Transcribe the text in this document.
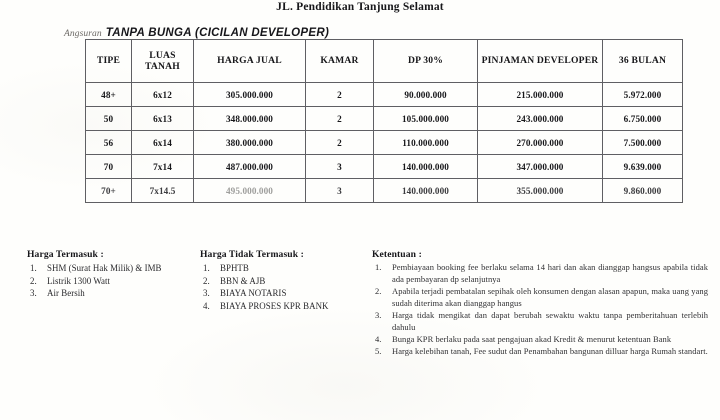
JL. Pendidikan Tanjung Selamat
Angsuran TANPA BUNGA (CICILAN DEVELOPER)
TIPE	LUAS TANAH	HARGA JUAL	KAMAR	DP 30%	PINJAMAN DEVELOPER	36 BULAN
48+	6x12	305.000.000	2	90.000.000	215.000.000	5.972.000
50	6x13	348.000.000	2	105.000.000	243.000.000	6.750.000
56	6x14	380.000.000	2	110.000.000	270.000.000	7.500.000
70	7x14	487.000.000	3	140.000.000	347.000.000	9.639.000
70+	7x14.5	495.000.000	3	140.000.000	355.000.000	9.860.000
Harga Termasuk :
1.	SHM (Surat Hak Milik) & IMB
2.	Listrik 1300 Watt
3.	Air Bersih
Harga Tidak Termasuk :
1.	BPHTB
2.	BBN & AJB
3.	BIAYA NOTARIS
4.	BIAYA PROSES KPR BANK
Ketentuan :
1.	Pembiayaan booking fee berlaku selama 14 hari dan akan dianggap hangsus apabila tidak ada pembayaran dp selanjutnya
2.	Apabila terjadi pembatalan sepihak oleh konsumen dengan alasan apapun, maka uang yang sudah diterima akan dianggap hangus
3.	Harga tidak mengikat dan dapat berubah sewaktu waktu tanpa pemberitahuan terlebih dahulu
4.	Bunga KPR berlaku pada saat pengajuan akad Kredit & menurut ketentuan Bank
5.	Harga kelebihan tanah, Fee sudut dan Penambahan bangunan dilluar harga Rumah standart.
